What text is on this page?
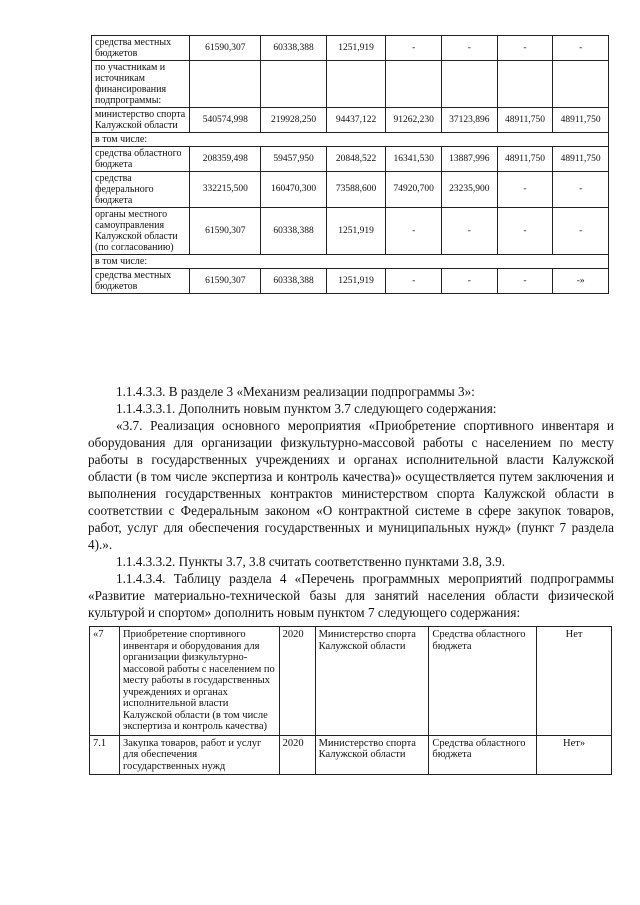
средства местных бюджетов	61590,307	60338,388	1251,919	-	-	-	-
по участникам и источникам финансирования подпрограммы:							
министерство спорта Калужской области	540574,998	219928,250	94437,122	91262,230	37123,896	48911,750	48911,750
в том числе:							
средства областного бюджета	208359,498	59457,950	20848,522	16341,530	13887,996	48911,750	48911,750
средства федерального бюджета	332215,500	160470,300	73588,600	74920,700	23235,900	-	-
органы местного самоуправления Калужской области (по согласованию)	61590,307	60338,388	1251,919	-	-	-	-
в том числе:							
средства местных бюджетов	61590,307	60338,388	1251,919	-	-	-	-»

1.1.4.3.3. В разделе 3 «Механизм реализации подпрограммы 3»:

1.1.4.3.3.1. Дополнить новым пунктом 3.7 следующего содержания:

«3.7. Реализация основного мероприятия «Приобретение спортивного инвентаря и оборудования для организации физкультурно-массовой работы с населением по месту работы в государственных учреждениях и органах исполнительной власти Калужской области (в том числе экспертиза и контроль качества)» осуществляется путем заключения и выполнения государственных контрактов министерством спорта Калужской области в соответствии с Федеральным законом «О контрактной системе в сфере закупок товаров, работ, услуг для обеспечения государственных и муниципальных нужд» (пункт 7 раздела 4).».

1.1.4.3.3.2. Пункты 3.7, 3.8 считать соответственно пунктами 3.8, 3.9.

1.1.4.3.4. Таблицу раздела 4 «Перечень программных мероприятий подпрограммы «Развитие материально-технической базы для занятий населения области физической культурой и спортом» дополнить новым пунктом 7 следующего содержания:

«7	Приобретение спортивного инвентаря и оборудования для организации физкультурно-массовой работы с населением по месту работы в государственных учреждениях и органах исполнительной власти Калужской области (в том числе экспертиза и контроль качества)	2020	Министерство спорта Калужской области	Средства областного бюджета	Нет
7.1	Закупка товаров, работ и услуг для обеспечения государственных нужд	2020	Министерство спорта Калужской области	Средства областного бюджета	Нет»
